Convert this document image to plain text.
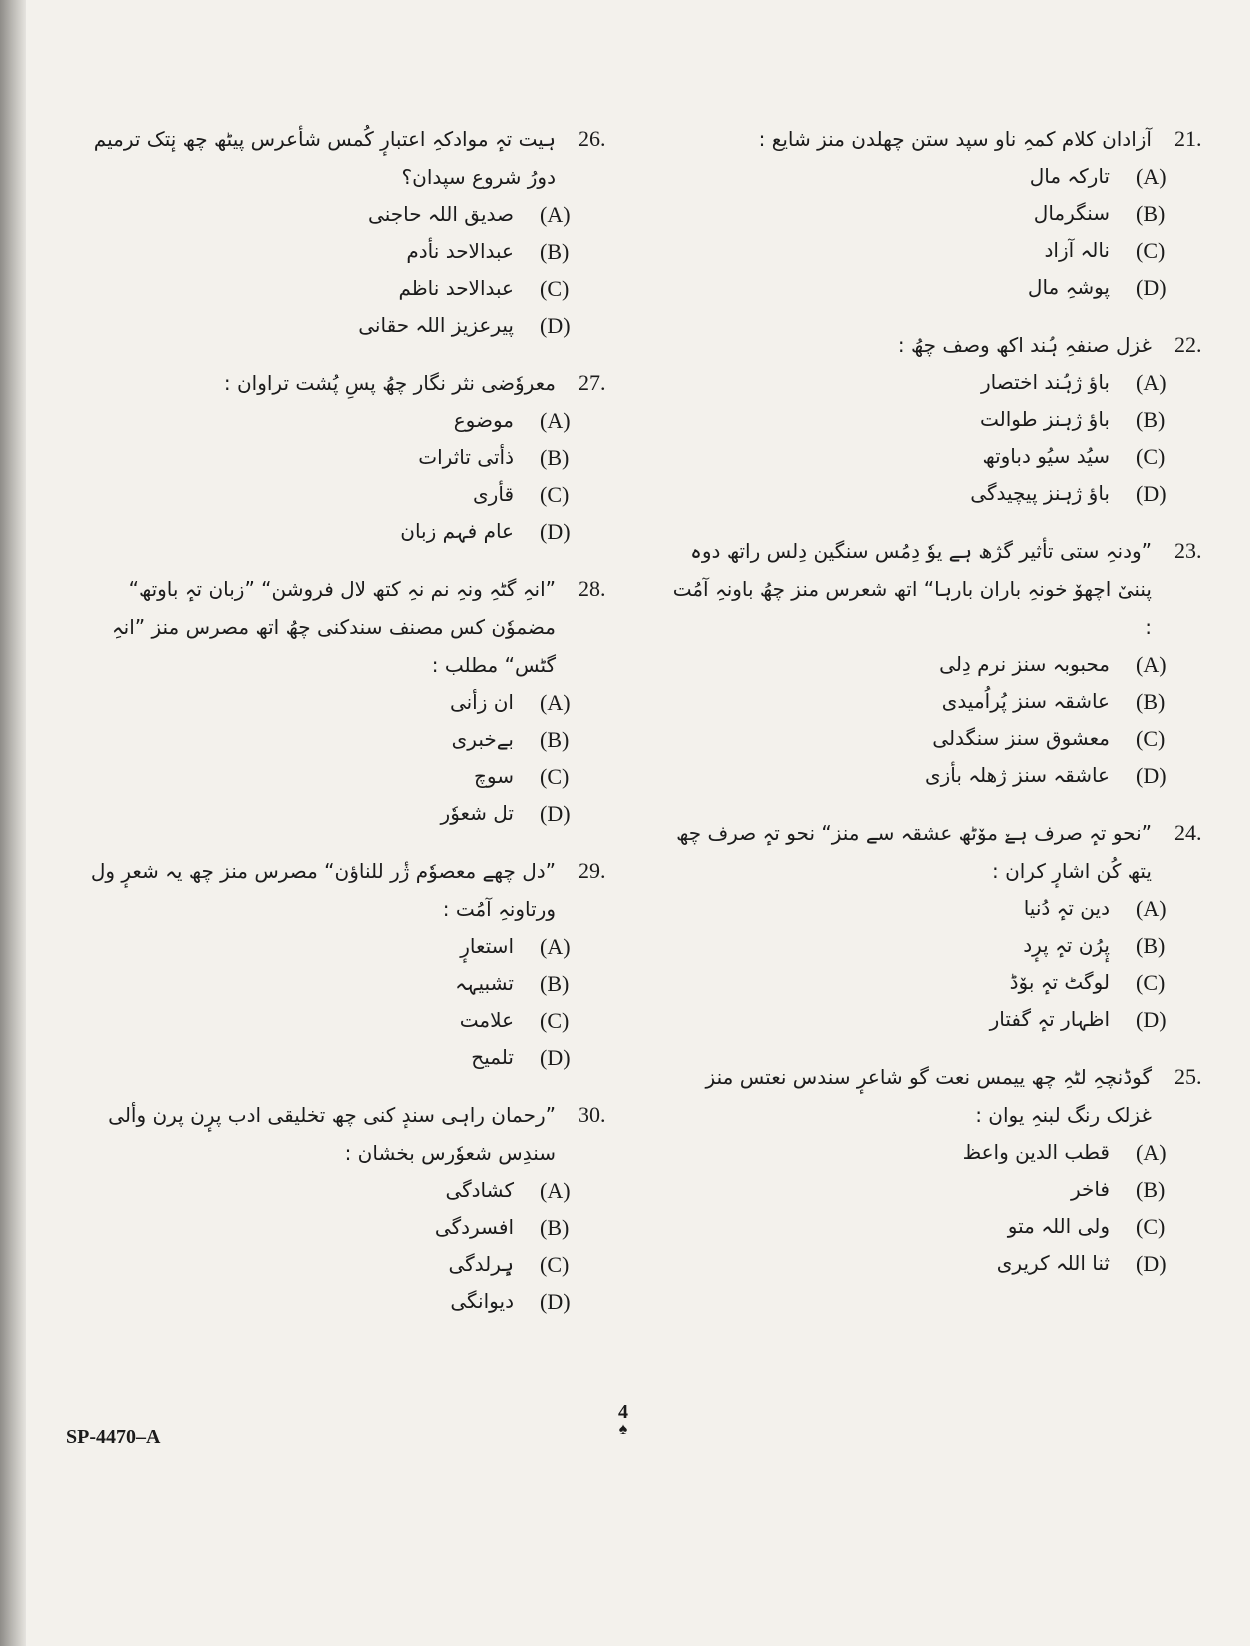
21.
آزادان کلام کمہِ ناو سپد ستن چھلدن منز شایع :
(A)
تارکہ مال
(B)
سنگرمال
(C)
نالہ آزاد
(D)
پوشہِ مال
22.
غزل صنفہِ ہُند اکھ وصف چھُ :
(A)
باؤ ژہُند اختصار
(B)
باؤ ژہنز طوالت
(C)
سیُد سیُو دباوتھ
(D)
باؤ ژہنز پیچیدگی
23.
”ودنہِ ستی تأثیر گژھ ہے یوٗ دِمُس سنگین دِلس راتھ دوہ پننیٚ اچھوٚ خونہِ باران بارہا“ اتھ شعرس منز چھُ باونہِ آمُت :
(A)
محبوبہ سنز نرم دِلی
(B)
عاشقہ سنز پُراُمیدی
(C)
معشوق سنز سنگدلی
(D)
عاشقہ سنز ژھلہ بأزی
24.
”نحو تہٕ صرف ہےٚ موٚٹھ عشقہ سے منز“ نحو تہٕ صرف چھ یتھ کُن اشارٕ کران :
(A)
دین تہٕ دُنیا
(B)
پٕرُن تہٕ پرٕد
(C)
لوگٹ تہٕ بوٚڈ
(D)
اظہار تہٕ گفتار
25.
گوڈنچہِ لٹہِ چھ ییمس نعت گو شاعرٕ سندس نعتس منز غزلک رنگ لبنہِ یوان :
(A)
قطب الدین واعظ
(B)
فاخر
(C)
ولی اللہ متو
(D)
ثنا اللہ کریری
26.
ہیت تہٕ موادکہِ اعتبارٕ کُمس شأعرس پیٹھ چھ نٕتک ترمیم دورُ شروع سپدان؟
(A)
صدیق اللہ حاجنی
(B)
عبدالاحد نأدم
(C)
عبدالاحد ناظم
(D)
پیرعزیز اللہ حقانی
27.
معروٗضی نثر نگار چھُ پسِ پُشت تراوان :
(A)
موضوع
(B)
ذأتی تاثرات
(C)
قأری
(D)
عام فہم زبان
28.
”انہِ گٹہِ ونہِ نم نہِ کتھ لال فروشن“ ”زبان تہٕ باوتھ“ مضموٗن کس مصنف سندکنی چھُ اتھ مصرس منز ”انہِ گٹس“ مطلب :
(A)
ان زأنی
(B)
بےخبری
(C)
سوچ
(D)
تل شعوٗر
29.
”دل چھے معصوٗم ژٔر للناؤن“ مصرس منز چھ یہ شعرٕ ول ورتاونہِ آمُت :
(A)
استعارٕ
(B)
تشبیہہ
(C)
علامت
(D)
تلمیح
30.
”رحمان راہی سندٕ کنی چھ تخلیقی ادب پرٕن پرن وألی سندِس شعوٗرس بخشان :
(A)
کشادگی
(B)
افسردگی
(C)
ہٕرلدگی
(D)
دیوانگی
SP-4470–A
4
♠
